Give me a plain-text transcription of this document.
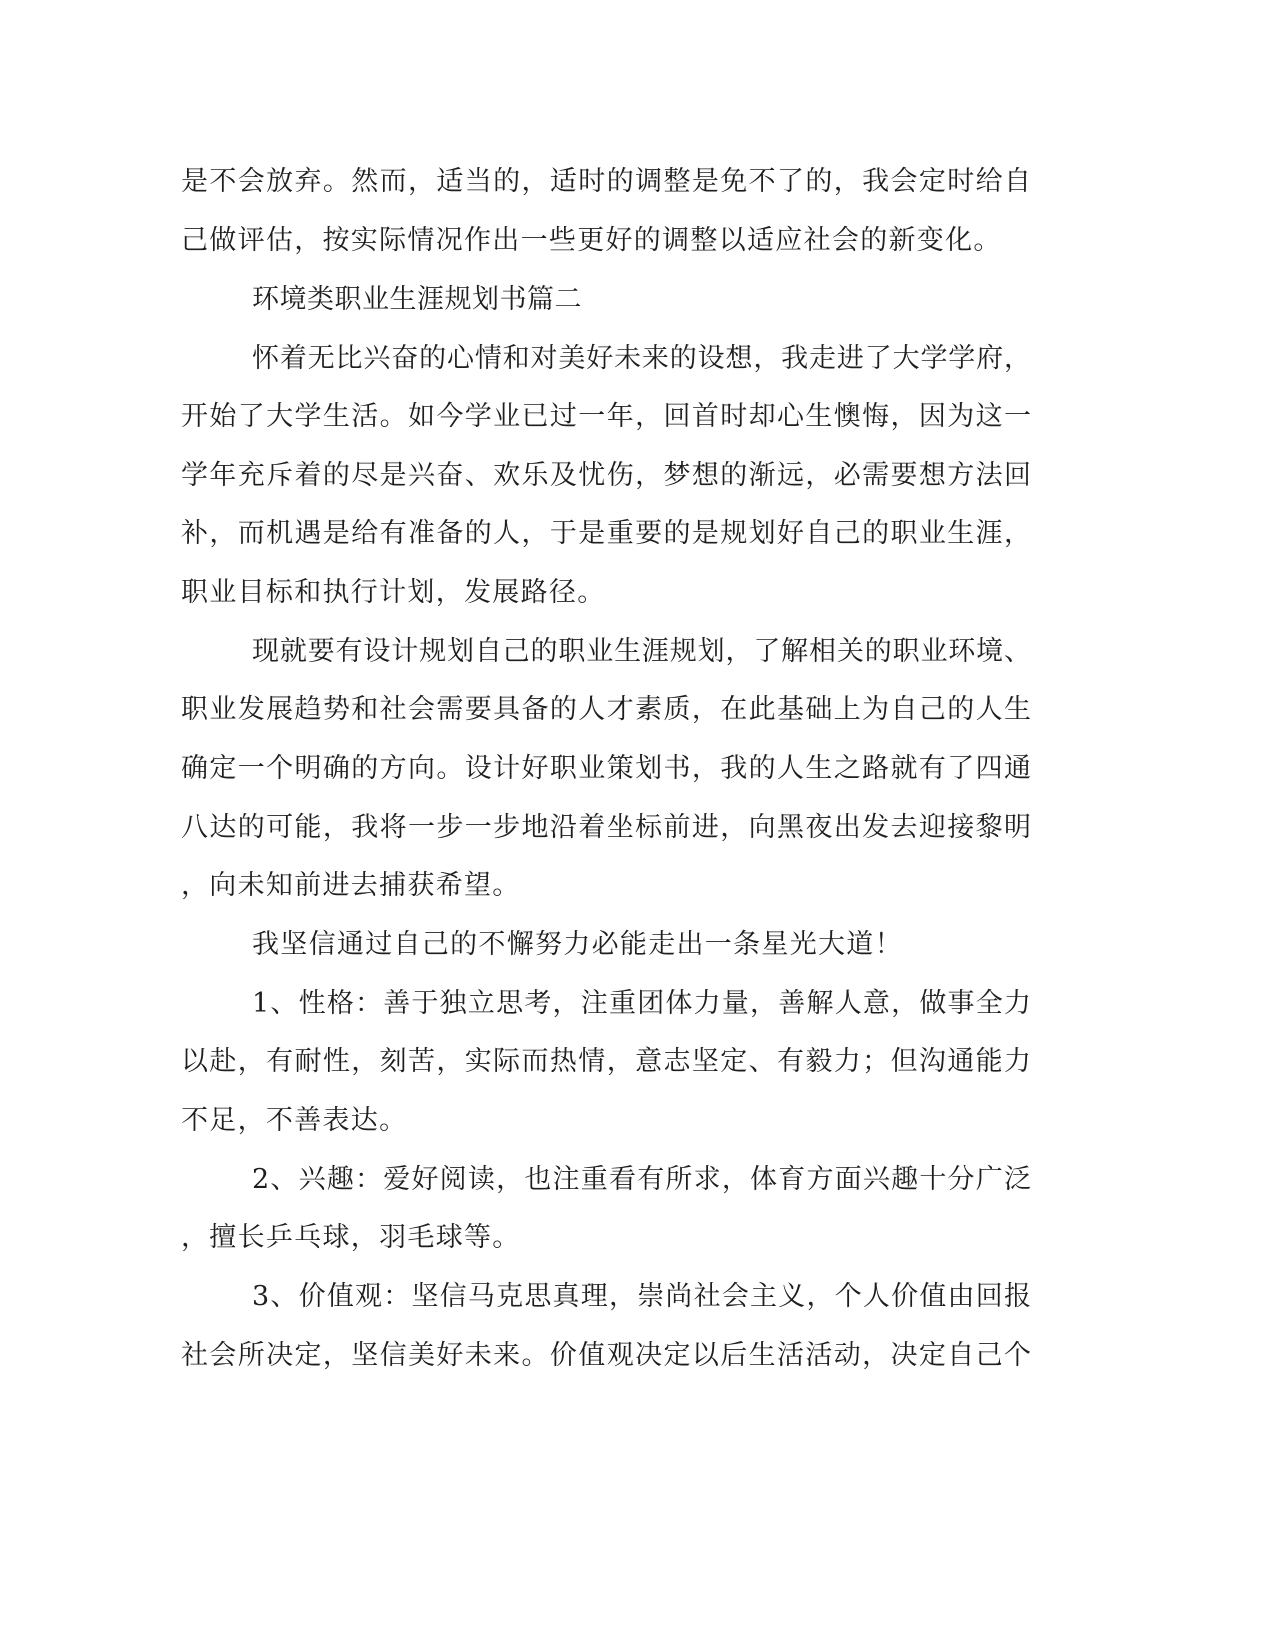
是不会放弃。然而，适当的，适时的调整是免不了的，我会定时给自

己做评估，按实际情况作出一些更好的调整以适应社会的新变化。

环境类职业生涯规划书篇二

怀着无比兴奋的心情和对美好未来的设想，我走进了大学学府，

开始了大学生活。如今学业已过一年，回首时却心生懊悔，因为这一

学年充斥着的尽是兴奋、欢乐及忧伤，梦想的渐远，必需要想方法回

补，而机遇是给有准备的人，于是重要的是规划好自己的职业生涯，

职业目标和执行计划，发展路径。

现就要有设计规划自己的职业生涯规划，了解相关的职业环境、

职业发展趋势和社会需要具备的人才素质，在此基础上为自己的人生

确定一个明确的方向。设计好职业策划书，我的人生之路就有了四通

八达的可能，我将一步一步地沿着坐标前进，向黑夜出发去迎接黎明

，向未知前进去捕获希望。

我坚信通过自己的不懈努力必能走出一条星光大道！

1、性格：善于独立思考，注重团体力量，善解人意，做事全力

以赴，有耐性，刻苦，实际而热情，意志坚定、有毅力；但沟通能力

不足，不善表达。

2、兴趣：爱好阅读，也注重看有所求，体育方面兴趣十分广泛

，擅长乒乓球，羽毛球等。

3、价值观：坚信马克思真理，崇尚社会主义，个人价值由回报

社会所决定，坚信美好未来。价值观决定以后生活活动，决定自己个
